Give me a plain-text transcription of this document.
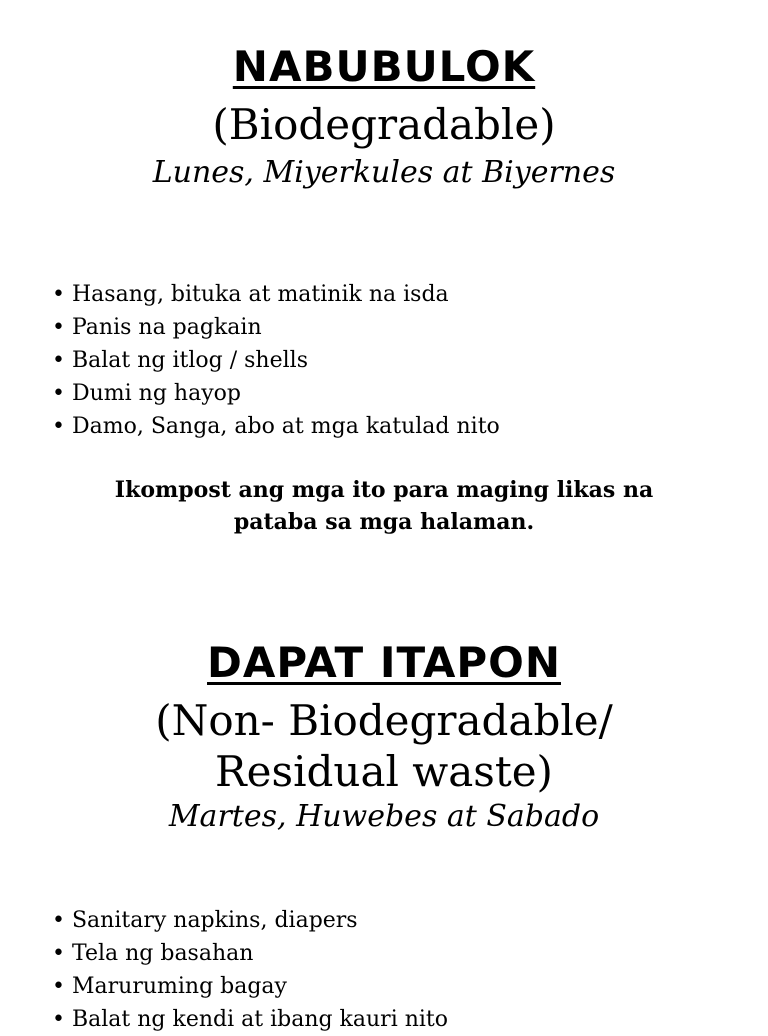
NABUBULOK

(Biodegradable)

Lunes, Miyerkules at Biyernes

• Hasang, bituka at matinik na isda
• Panis na pagkain
• Balat ng itlog / shells
• Dumi ng hayop
• Damo, Sanga, abo at mga katulad nito

Ikompost ang mga ito para maging likas na pataba sa mga halaman.

DAPAT ITAPON

(Non- Biodegradable/

Residual waste)

Martes, Huwebes at Sabado

• Sanitary napkins, diapers
• Tela ng basahan
• Maruruming bagay
• Balat ng kendi at ibang kauri nito
